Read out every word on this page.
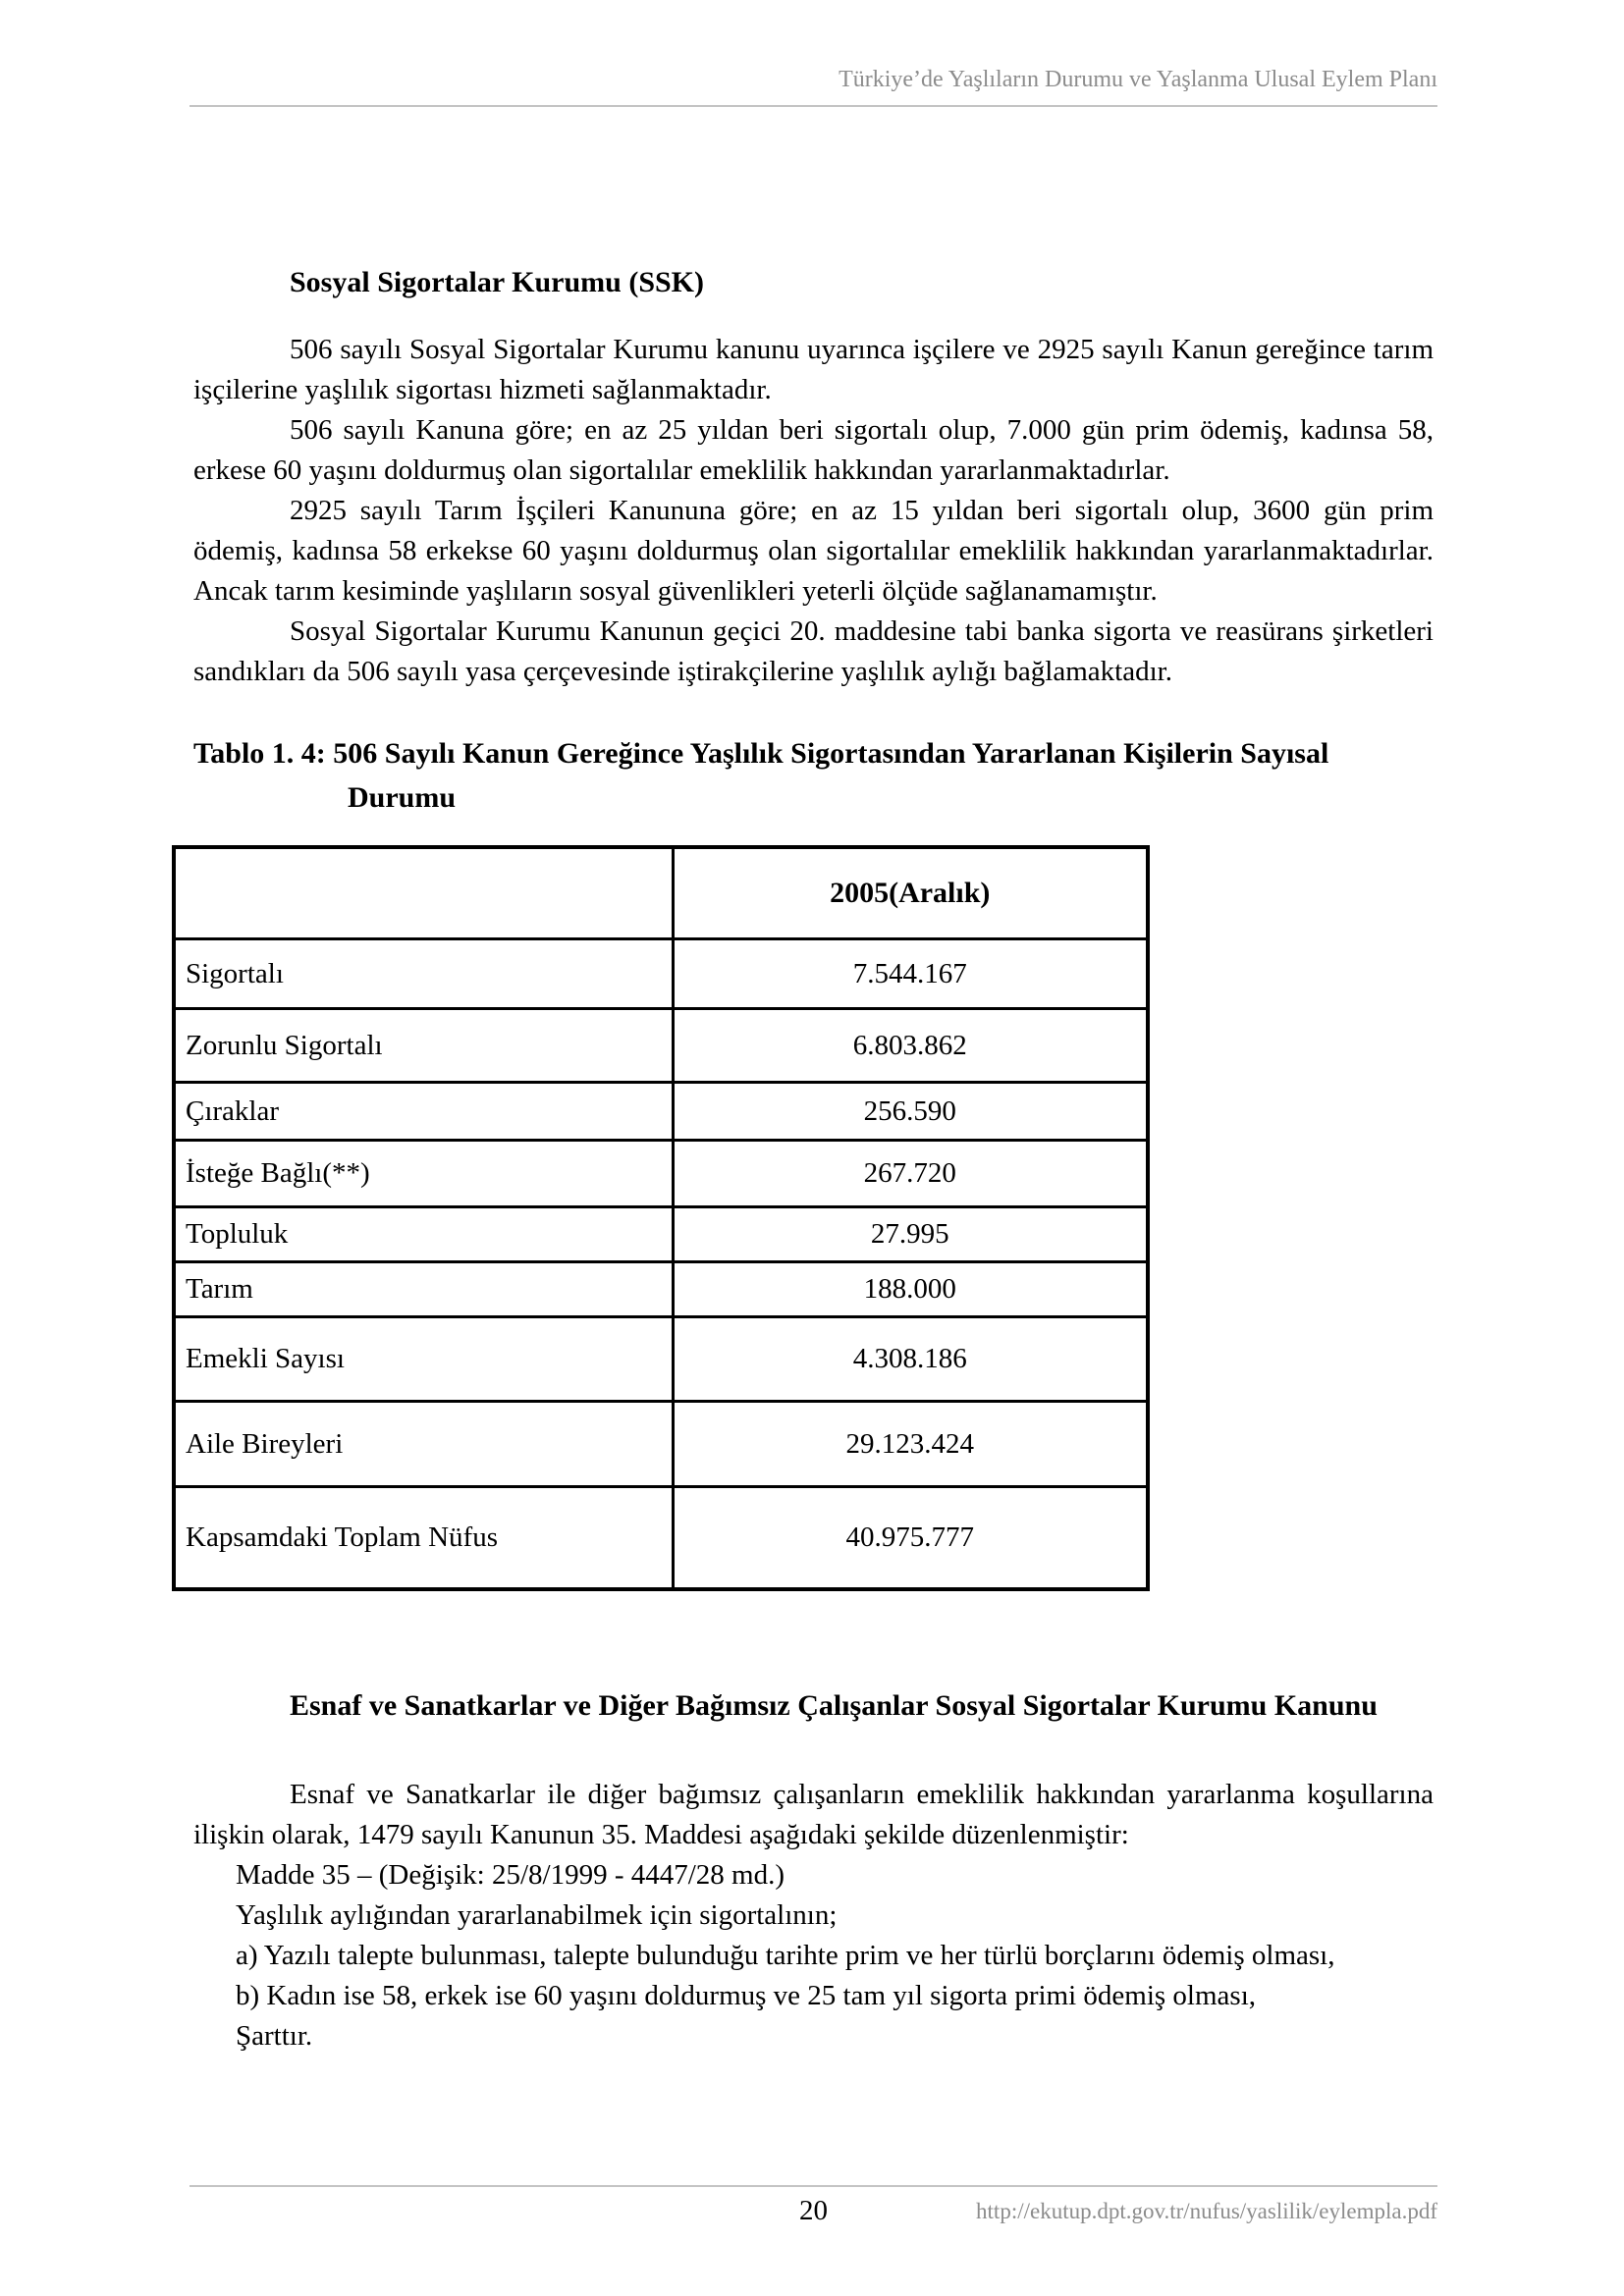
Türkiye’de Yaşlıların Durumu ve Yaşlanma Ulusal Eylem Planı
Sosyal Sigortalar Kurumu (SSK)

506 sayılı Sosyal Sigortalar Kurumu kanunu uyarınca işçilere ve 2925 sayılı Kanun gereğince tarım işçilerine yaşlılık sigortası hizmeti sağlanmaktadır.

506 sayılı Kanuna göre; en az 25 yıldan beri sigortalı olup, 7.000 gün prim ödemiş, kadınsa 58, erkese 60 yaşını doldurmuş olan sigortalılar emeklilik hakkından yararlanmaktadırlar.

2925 sayılı Tarım İşçileri Kanununa göre; en az 15 yıldan beri sigortalı olup, 3600 gün prim ödemiş, kadınsa 58 erkekse 60 yaşını doldurmuş olan sigortalılar emeklilik hakkından yararlanmaktadırlar. Ancak tarım kesiminde yaşlıların sosyal güvenlikleri yeterli ölçüde sağlanamamıştır.

Sosyal Sigortalar Kurumu Kanunun geçici 20. maddesine tabi banka sigorta ve reasürans şirketleri sandıkları da 506 sayılı yasa çerçevesinde iştirakçilerine yaşlılık aylığı bağlamaktadır.

Tablo 1. 4: 506 Sayılı Kanun Gereğince Yaşlılık Sigortasından Yararlanan Kişilerin Sayısal Durumu
	2005(Aralık)
Sigortalı	7.544.167
Zorunlu Sigortalı	6.803.862
Çıraklar	256.590
İsteğe Bağlı(**)	267.720
Topluluk	27.995
Tarım	188.000
Emekli Sayısı	4.308.186
Aile Bireyleri	29.123.424
Kapsamdaki Toplam Nüfus	40.975.777
Esnaf ve Sanatkarlar ve Diğer Bağımsız Çalışanlar Sosyal Sigortalar Kurumu Kanunu

Esnaf ve Sanatkarlar ile diğer bağımsız çalışanların emeklilik hakkından yararlanma koşullarına ilişkin olarak, 1479 sayılı Kanunun 35. Maddesi aşağıdaki şekilde düzenlenmiştir:

Madde 35 – (Değişik: 25/8/1999 - 4447/28 md.)
Yaşlılık aylığından yararlanabilmek için sigortalının;
a) Yazılı talepte bulunması, talepte bulunduğu tarihte prim ve her türlü borçlarını ödemiş olması,
b) Kadın ise 58, erkek ise 60 yaşını doldurmuş ve 25 tam yıl sigorta primi ödemiş olması,
Şarttır.
20	http://ekutup.dpt.gov.tr/nufus/yaslilik/eylempla.pdf
